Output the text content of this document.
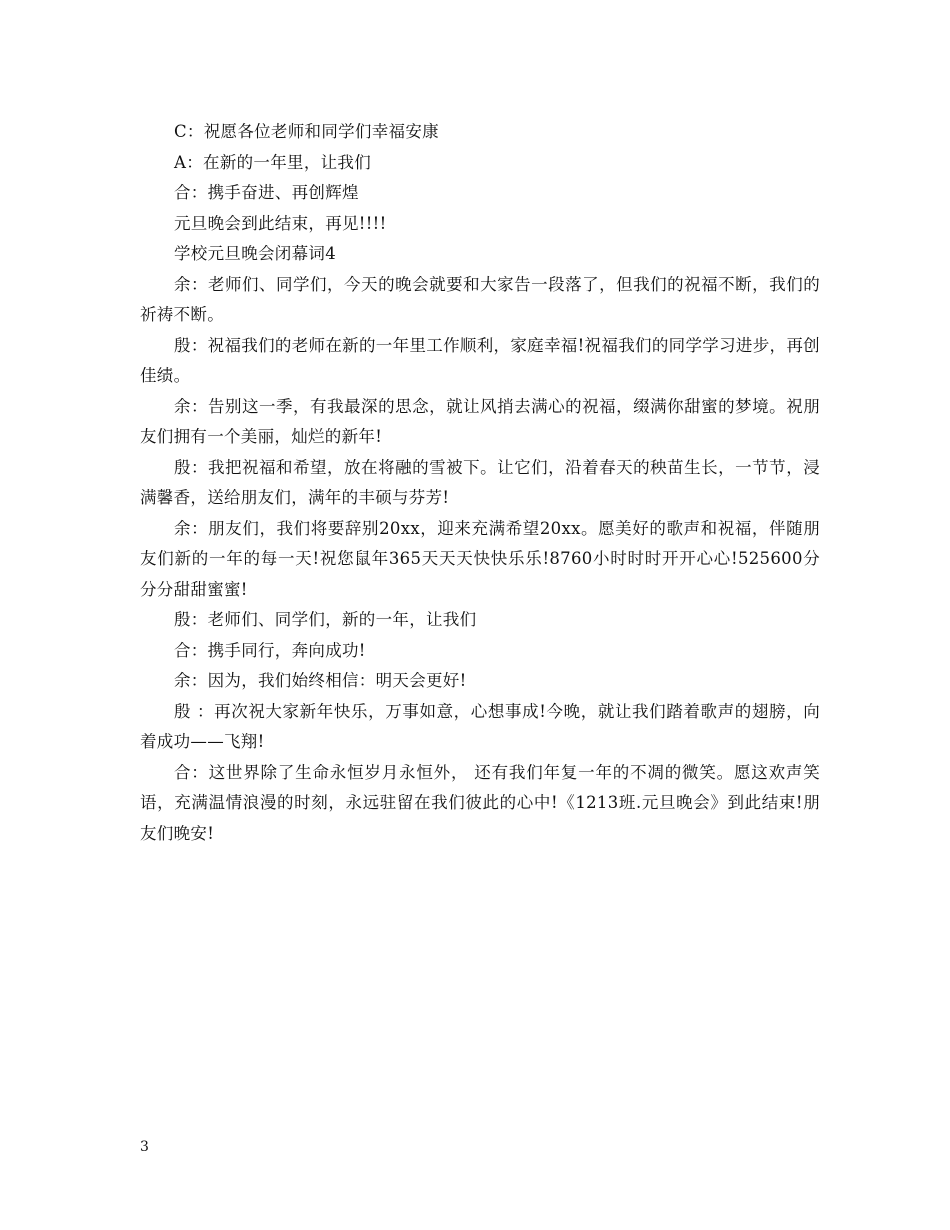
C：祝愿各位老师和同学们幸福安康

A：在新的一年里，让我们

合：携手奋进、再创辉煌

元旦晚会到此结束，再见!!!!

学校元旦晚会闭幕词4

余：老师们、同学们，今天的晚会就要和大家告一段落了，但我们的祝福不断，我们的祈祷不断。

殷：祝福我们的老师在新的一年里工作顺利，家庭幸福!祝福我们的同学学习进步，再创佳绩。

余：告别这一季，有我最深的思念，就让风捎去满心的祝福，缀满你甜蜜的梦境。祝朋友们拥有一个美丽，灿烂的新年!

殷：我把祝福和希望，放在将融的雪被下。让它们，沿着春天的秧苗生长，一节节，浸满馨香，送给朋友们，满年的丰硕与芬芳!

余：朋友们，我们将要辞别20xx，迎来充满希望20xx。愿美好的歌声和祝福，伴随朋友们新的一年的每一天!祝您鼠年365天天天快快乐乐!8760小时时时开开心心!525600分分分甜甜蜜蜜!

殷：老师们、同学们，新的一年，让我们

合：携手同行，奔向成功!

余：因为，我们始终相信：明天会更好!

殷 ：再次祝大家新年快乐，万事如意，心想事成!今晚，就让我们踏着歌声的翅膀，向着成功——飞翔!

合：这世界除了生命永恒岁月永恒外， 还有我们年复一年的不凋的微笑。愿这欢声笑语，充满温情浪漫的时刻，永远驻留在我们彼此的心中!《1213班.元旦晚会》到此结束!朋友们晚安!

3
